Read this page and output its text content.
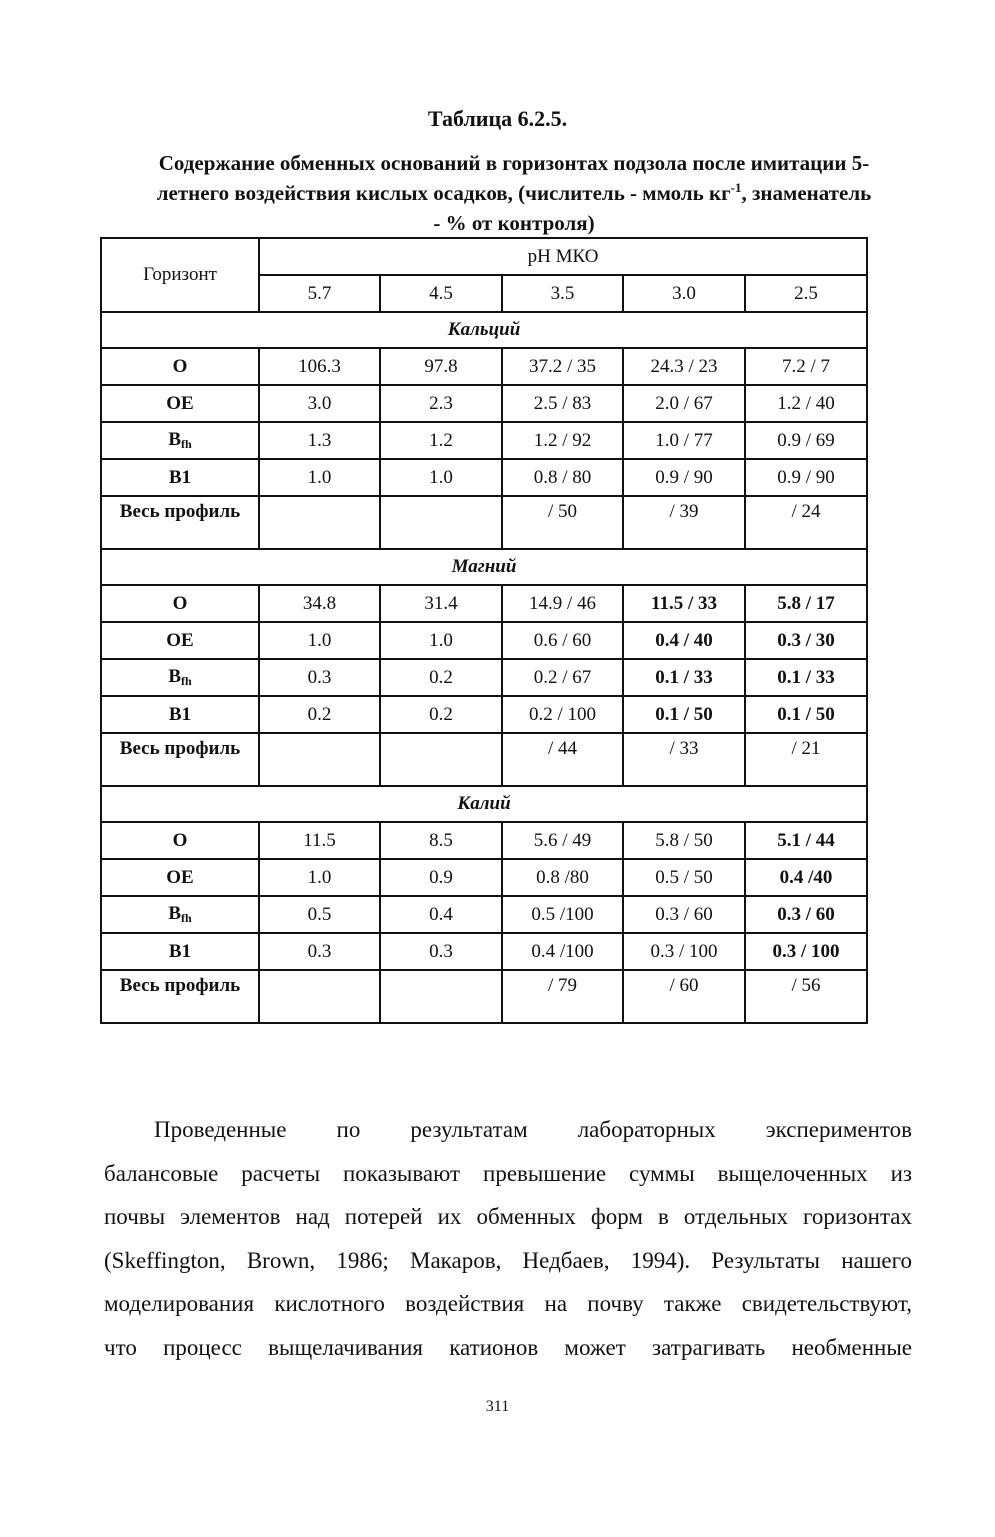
Таблица 6.2.5.
Содержание обменных оснований в горизонтах подзола после имитации 5-
летнего воздействия кислых осадков, (числитель - ммоль $кг^{-1}$, знаменатель
- % от контроля)
Горизонт	pH МКО				
	5.7	4.5	3.5	3.0	2.5
Кальций					
O	106.3	97.8	37.2 / 35	24.3 / 23	7.2 / 7
OE	3.0	2.3	2.5 / 83	2.0 / 67	1.2 / 40
$B_{fh}$	1.3	1.2	1.2 / 92	1.0 / 77	0.9 / 69
B1	1.0	1.0	0.8 / 80	0.9 / 90	0.9 / 90
Весь профиль			/ 50	/ 39	/ 24
Магний					
O	34.8	31.4	14.9 / 46	11.5 / 33	5.8 / 17
OE	1.0	1.0	0.6 / 60	0.4 / 40	0.3 / 30
$B_{fh}$	0.3	0.2	0.2 / 67	0.1 / 33	0.1 / 33
B1	0.2	0.2	0.2 / 100	0.1 / 50	0.1 / 50
Весь профиль			/ 44	/ 33	/ 21
Калий					
O	11.5	8.5	5.6 / 49	5.8 / 50	5.1 / 44
OE	1.0	0.9	0.8 /80	0.5 / 50	0.4 /40
$B_{fh}$	0.5	0.4	0.5 /100	0.3 / 60	0.3 / 60
B1	0.3	0.3	0.4 /100	0.3 / 100	0.3 / 100
Весь профиль			/ 79	/ 60	/ 56

Проведенные по результатам лабораторных экспериментов

балансовые расчеты показывают превышение суммы выщелоченных из

почвы элементов над потерей их обменных форм в отдельных горизонтах

(Skeffington, Brown, 1986; Макаров, Недбаев, 1994). Результаты нашего

моделирования кислотного воздействия на почву также свидетельствуют,

что процесс выщелачивания катионов может затрагивать необменные

311
